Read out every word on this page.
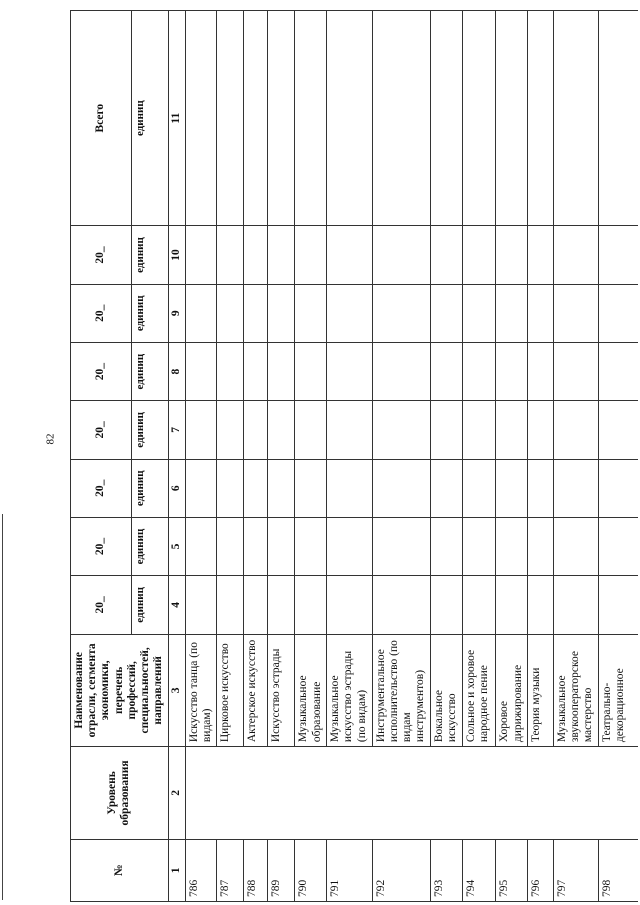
82
№	Уровень образования	Наименование отрасли, сегмента экономики, перечень профессий, специальностей, направлений	20_	20_	20_	20_	20_	20_	20_	Всего
			единиц	единиц	единиц	единиц	единиц	единиц	единиц	единиц
1	2	3	4	5	6	7	8	9	10	11
786		Искусство танца (по видам)								
787		Цирковое искусство								
788		Актерское искусство								
789		Искусство эстрады								
790		Музыкальное образование								
791		Музыкальное искусство эстрады (по видам)								
792		Инструментальное исполнительство (по видам инструментов)								
793		Вокальное искусство								
794		Сольное и хоровое народное пение								
795		Хоровое дирижирование								
796		Теория музыки								
797		Музыкальное звукооператорское мастерство								
798		Театрально-декорационное								
